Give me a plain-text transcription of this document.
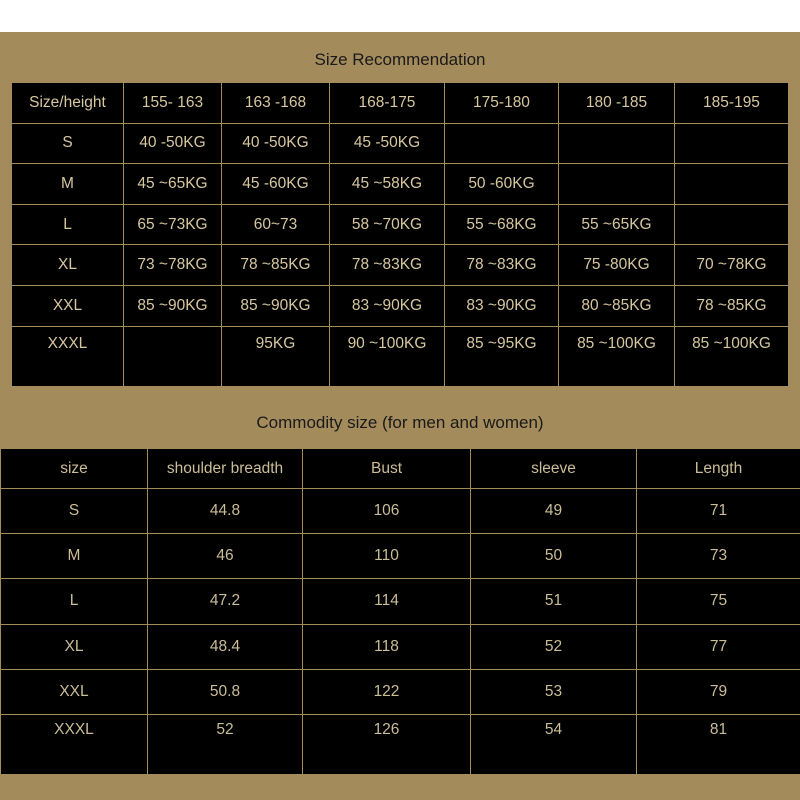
Size Recommendation
Size/height	155- 163	163 -168	168-175	175-180	180 -185	185-195
S	40 -50KG	40 -50KG	45 -50KG			
M	45 ~65KG	45 -60KG	45 ~58KG	50 -60KG		
L	65 ~73KG	60~73	58 ~70KG	55 ~68KG	55 ~65KG	
XL	73 ~78KG	78 ~85KG	78 ~83KG	78 ~83KG	75 -80KG	70 ~78KG
XXL	85 ~90KG	85 ~90KG	83 ~90KG	83 ~90KG	80 ~85KG	78 ~85KG
XXXL		95KG	90 ~100KG	85 ~95KG	85 ~100KG	85 ~100KG
Commodity size (for men and women)
size	shoulder breadth	Bust	sleeve	Length
S	44.8	106	49	71
M	46	110	50	73
L	47.2	114	51	75
XL	48.4	118	52	77
XXL	50.8	122	53	79
XXXL	52	126	54	81
